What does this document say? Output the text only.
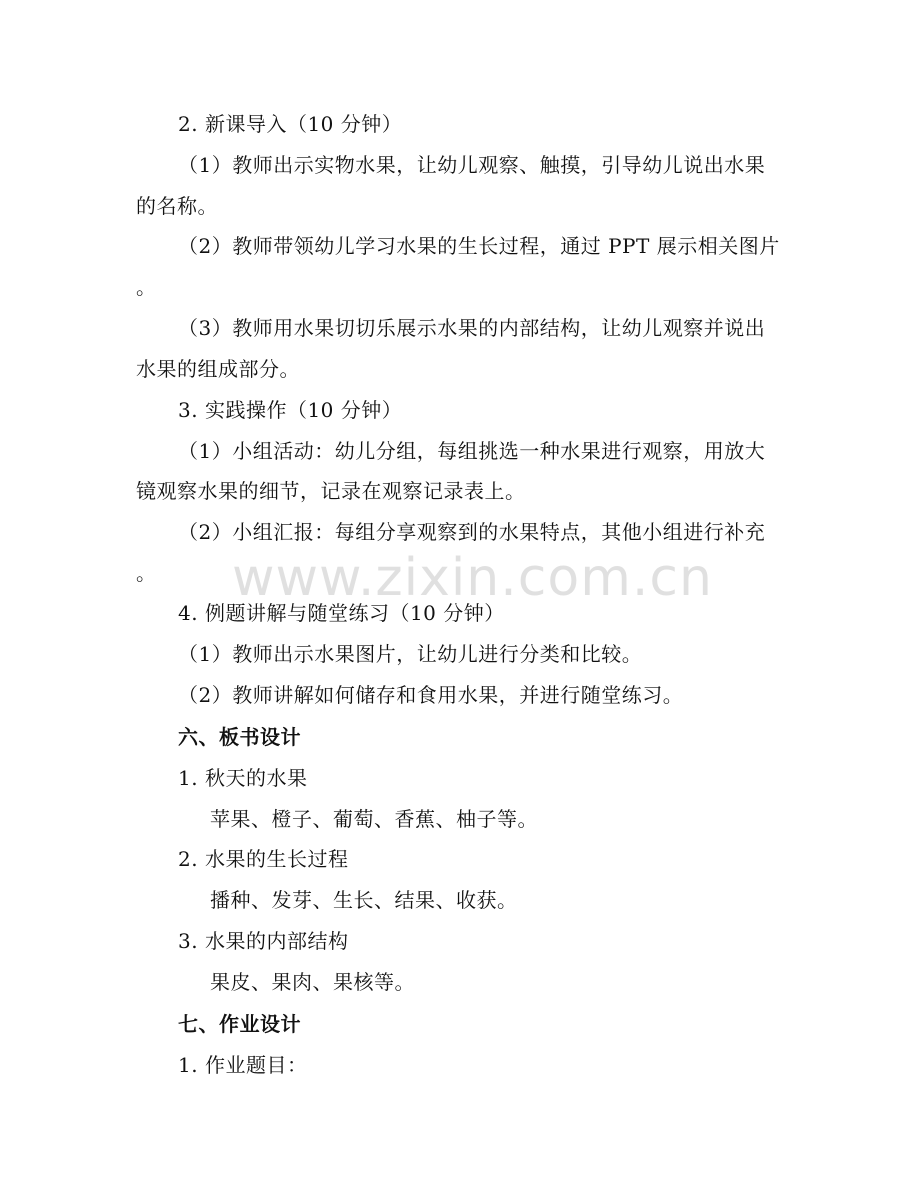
2. 新课导入（10 分钟）
（1）教师出示实物水果，让幼儿观察、触摸，引导幼儿说出水果
的名称。
（2）教师带领幼儿学习水果的生长过程，通过 PPT 展示相关图片
。
（3）教师用水果切切乐展示水果的内部结构，让幼儿观察并说出
水果的组成部分。
3. 实践操作（10 分钟）
（1）小组活动：幼儿分组，每组挑选一种水果进行观察，用放大
镜观察水果的细节，记录在观察记录表上。
（2）小组汇报：每组分享观察到的水果特点，其他小组进行补充
。
4. 例题讲解与随堂练习（10 分钟）
（1）教师出示水果图片，让幼儿进行分类和比较。
（2）教师讲解如何储存和食用水果，并进行随堂练习。
六、板书设计
1. 秋天的水果
苹果、橙子、葡萄、香蕉、柚子等。
2. 水果的生长过程
播种、发芽、生长、结果、收获。
3. 水果的内部结构
果皮、果肉、果核等。
七、作业设计
1. 作业题目：
www.zixin.com.cn
